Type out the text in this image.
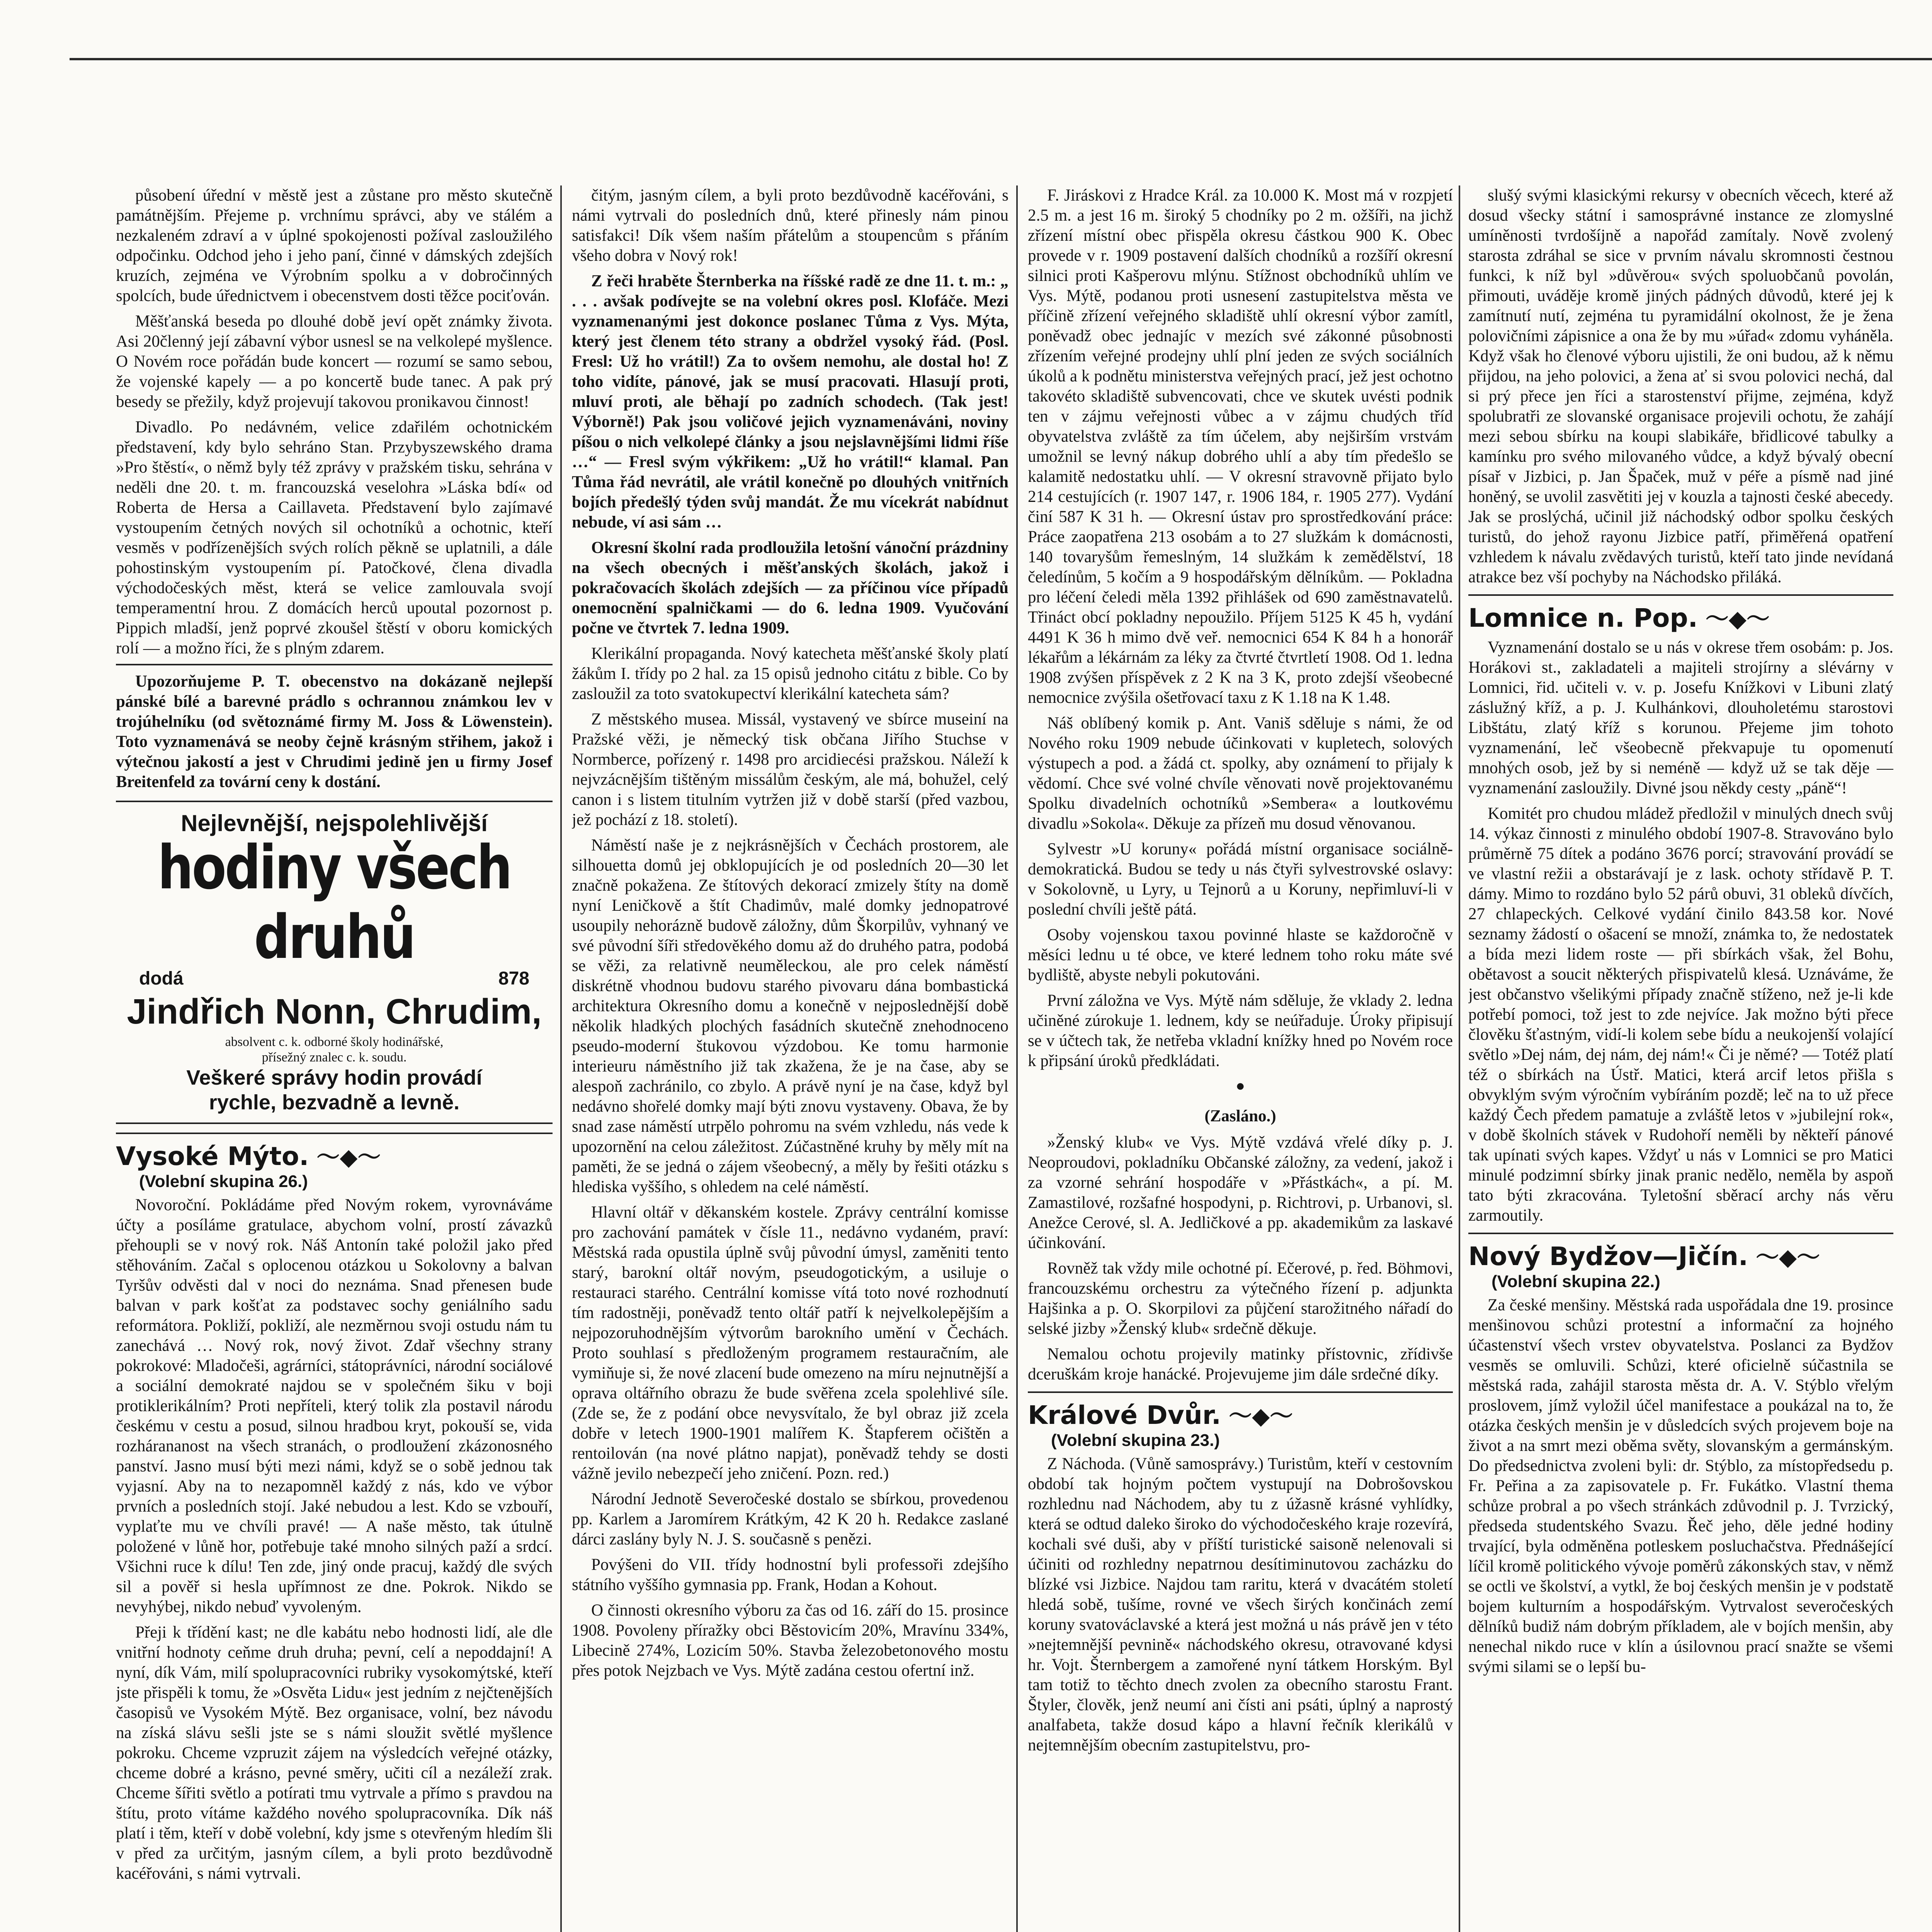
působení úřední v městě jest a zůstane pro město skutečně památnějším. Přejeme p. vrchnímu správci, aby ve stálém a nezkaleném zdraví a v úplné spokojenosti požíval zasloužilého odpočinku. Odchod jeho i jeho paní, činné v dámských zdejších kruzích, zejména ve Výrobním spolku a v dobročinných spolcích, bude úřednictvem i obecenstvem dosti těžce pociťován.

Měšťanská beseda po dlouhé době jeví opět známky života. Asi 20členný její zábavní výbor usnesl se na velkolepé myšlence. O Novém roce pořádán bude koncert — rozumí se samo sebou, že vojenské kapely — a po koncertě bude tanec. A pak prý besedy se přežily, když projevují takovou pronikavou činnost!

Divadlo. Po nedávném, velice zdařilém ochotnickém představení, kdy bylo sehráno Stan. Przybyszewského drama »Pro štěstí«, o němž byly též zprávy v pražském tisku, sehrána v neděli dne 20. t. m. francouzská veselohra »Láska bdí« od Roberta de Hersa a Caillaveta. Představení bylo zajímavé vystoupením četných nových sil ochotníků a ochotnic, kteří vesměs v podřízenějších svých rolích pěkně se uplatnili, a dále pohostinským vystoupením pí. Patočkové, člena divadla východočeských měst, která se velice zamlouvala svojí temperamentní hrou. Z domácích herců upoutal pozornost p. Pippich mladší, jenž poprvé zkoušel štěstí v oboru komických rolí — a možno říci, že s plným zdarem.

Upozorňujeme P. T. obecenstvo na dokázaně nejlepší pánské bílé a barevné prádlo s ochrannou známkou lev v trojúhelníku (od světoznámé firmy M. Joss & Löwenstein). Toto vyznamenává se neoby čejně krásným střihem, jakož i výtečnou jakostí a jest v Chrudimi jedině jen u firmy Josef Breitenfeld za tovární ceny k dostání.

Nejlevnější, nejspolehlivější
hodiny všech druhů
dodá	878
Jindřich Nonn, Chrudim,
absolvent c. k. odborné školy hodinářské,
přísežný znalec c. k. soudu.
Veškeré správy hodin provádí
rychle, bezvadně a levně.
Vysoké Mýto. 〜◆〜
(Volební skupina 26.)

Novoroční. Pokládáme před Novým rokem, vyrovnáváme účty a posíláme gratulace, abychom volní, prostí závazků přehoupli se v nový rok. Náš Antonín také položil jako před stěhováním. Začal s oplocenou otázkou u Sokolovny a balvan Tyršův odvěsti dal v noci do neznáma. Snad přenesen bude balvan v park košťat za podstavec sochy geniálního sadu reformátora. Pokliží, pokliží, ale nezměrnou svoji ostudu nám tu zanechává … Nový rok, nový život. Zdař všechny strany pokrokové: Mladočeši, agrárníci, státoprávníci, národní sociálové a sociální demokraté najdou se v společném šiku v boji protiklerikálním? Proti nepříteli, který tolik zla postavil národu českému v cestu a posud, silnou hradbou kryt, pokouší se, vida rozhárananost na všech stranách, o prodloužení zkázonosného panství. Jasno musí býti mezi námi, když se o sobě jednou tak vyjasní. Aby na to nezapomněl každý z nás, kdo ve výbor prvních a posledních stojí. Jaké nebudou a lest. Kdo se vzbouří, vyplaťte mu ve chvíli pravé! — A naše město, tak útulně položené v lůně hor, potřebuje také mnoho silných paží a srdcí. Všichni ruce k dílu! Ten zde, jiný onde pracuj, každý dle svých sil a pověř si hesla upřímnost ze dne. Pokrok. Nikdo se nevyhýbej, nikdo nebuď vyvoleným.

Přeji k třídění kast; ne dle kabátu nebo hodnosti lidí, ale dle vnitřní hodnoty ceňme druh druha; pevní, celí a nepoddajní! A nyní, dík Vám, milí spolupracovníci rubriky vysokomýtské, kteří jste přispěli k tomu, že »Osvěta Lidu« jest jedním z nejčtenějších časopisů ve Vysokém Mýtě. Bez organisace, volní, bez návodu na získá slávu sešli jste se s námi sloužit světlé myšlence pokroku. Chceme vzpruzit zájem na výsledcích veřejné otázky, chceme dobré a krásno, pevné směry, učiti cíl a nezáleží zrak. Chceme šířiti světlo a potírati tmu vytrvale a přímo s pravdou na štítu, proto vítáme každého nového spolupracovníka. Dík náš platí i těm, kteří v době volební, kdy jsme s otevřeným hledím šli v před za určitým, jasným cílem, a byli proto bezdůvodně kacéřováni, s námi vytrvali.

čitým, jasným cílem, a byli proto bezdůvodně kacéřováni, s námi vytrvali do posledních dnů, které přinesly nám pinou satisfakci! Dík všem naším přátelům a stoupencům s přáním všeho dobra v Nový rok!

Z řeči hraběte Šternberka na říšské radě ze dne 11. t. m.: „ . . . avšak podívejte se na volební okres posl. Klofáče. Mezi vyznamenanými jest dokonce poslanec Tůma z Vys. Mýta, který jest členem této strany a obdržel vysoký řád. (Posl. Fresl: Už ho vrátil!) Za to ovšem nemohu, ale dostal ho! Z toho vidíte, pánové, jak se musí pracovati. Hlasují proti, mluví proti, ale běhají po zadních schodech. (Tak jest! Výborně!) Pak jsou voličové jejich vyznamenáváni, noviny píšou o nich velkolepé články a jsou nejslavnějšími lidmi říše …“ — Fresl svým výkřikem: „Už ho vrátil!“ klamal. Pan Tůma řád nevrátil, ale vrátil konečně po dlouhých vnitřních bojích předešlý týden svůj mandát. Že mu vícekrát nabídnut nebude, ví asi sám …

Okresní školní rada prodloužila letošní vánoční prázdniny na všech obecných i měšťanských školách, jakož i pokračovacích školách zdejších — za příčinou více případů onemocnění spalničkami — do 6. ledna 1909. Vyučování počne ve čtvrtek 7. ledna 1909.

Klerikální propaganda. Nový katecheta měšťanské školy platí žákům I. třídy po 2 hal. za 15 opisů jednoho citátu z bible. Co by zasloužil za toto svatokupectví klerikální katecheta sám?

Z městského musea. Missál, vystavený ve sbírce museiní na Pražské věži, je německý tisk občana Jiřího Stuchse v Normberce, pořízený r. 1498 pro arcidiecési pražskou. Náleží k nejvzácnějším tištěným missálům českým, ale má, bohužel, celý canon i s listem titulním vytržen již v době starší (před vazbou, jež pochází z 18. století).

Náměstí naše je z nejkrásnějších v Čechách prostorem, ale silhouetta domů jej obklopujících je od posledních 20—30 let značně pokažena. Ze štítových dekorací zmizely štíty na domě nyní Leničkově a štít Chadimův, malé domky jednopatrové usoupily nehorázně budově záložny, dům Škorpilův, vyhnaný ve své původní šíři středověkého domu až do druhého patra, podobá se věži, za relativně neuměleckou, ale pro celek náměstí diskrétně vhodnou budovu starého pivovaru dána bombastická architektura Okresního domu a konečně v nejposlednější době několik hladkých plochých fasádních skutečně znehodnoceno pseudo-moderní štukovou výzdobou. Ke tomu harmonie interieuru náměstního již tak zkažena, že je na čase, aby se alespoň zachránilo, co zbylo. A právě nyní je na čase, když byl nedávno shořelé domky mají býti znovu vystaveny. Obava, že by snad zase náměstí utrpělo pohromu na svém vzhledu, nás vede k upozornění na celou záležitost. Zúčastněné kruhy by měly mít na paměti, že se jedná o zájem všeobecný, a měly by řešiti otázku s hlediska vyššího, s ohledem na celé náměstí.

Hlavní oltář v děkanském kostele. Zprávy centrální komisse pro zachování památek v čísle 11., nedávno vydaném, praví: Městská rada opustila úplně svůj původní úmysl, zaměniti tento starý, barokní oltář novým, pseudogotickým, a usiluje o restauraci starého. Centrální komisse vítá toto nové rozhodnutí tím radostněji, poněvadž tento oltář patří k nejvelkolepějším a nejpozoruhodnějším výtvorům barokního umění v Čechách. Proto souhlasí s předloženým programem restauračním, ale vymiňuje si, že nové zlacení bude omezeno na míru nejnutnější a oprava oltářního obrazu že bude svěřena zcela spolehlivé síle. (Zde se, že z podání obce nevysvítalo, že byl obraz již zcela dobře v letech 1900-1901 malířem K. Štapferem očištěn a rentoilován (na nové plátno napjat), poněvadž tehdy se dosti vážně jevilo nebezpečí jeho zničení. Pozn. red.)

Národní Jednotě Severočeské dostalo se sbírkou, provedenou pp. Karlem a Jaromírem Krátkým, 42 K 20 h. Redakce zaslané dárci zaslány byly N. J. S. současně s penězi.

Povýšeni do VII. třídy hodnostní byli professoři zdejšího státního vyššího gymnasia pp. Frank, Hodan a Kohout.

O činnosti okresního výboru za čas od 16. září do 15. prosince 1908. Povoleny příražky obci Běstovicím 20%, Mravínu 334%, Libecině 274%, Lozicím 50%. Stavba železobetonového mostu přes potok Nejzbach ve Vys. Mýtě zadána cestou ofertní inž.

F. Jiráskovi z Hradce Král. za 10.000 K. Most má v rozpjetí 2.5 m. a jest 16 m. široký 5 chodníky po 2 m. ožšíři, na jichž zřízení místní obec přispěla okresu částkou 900 K. Obec provede v r. 1909 postavení dalších chodníků a rozšíří okresní silnici proti Kašperovu mlýnu. Stížnost obchodníků uhlím ve Vys. Mýtě, podanou proti usnesení zastupitelstva města ve příčině zřízení veřejného skladiště uhlí okresní výbor zamítl, poněvadž obec jednajíc v mezích své zákonné působnosti zřízením veřejné prodejny uhlí plní jeden ze svých sociálních úkolů a k podnětu ministerstva veřejných prací, jež jest ochotno takovéto skladiště subvencovati, chce ve skutek uvésti podnik ten v zájmu veřejnosti vůbec a v zájmu chudých tříd obyvatelstva zvláště za tím účelem, aby nejširším vrstvám umožnil se levný nákup dobrého uhlí a aby tím předešlo se kalamitě nedostatku uhlí. — V okresní stravovně přijato bylo 214 cestujících (r. 1907 147, r. 1906 184, r. 1905 277). Vydání činí 587 K 31 h. — Okresní ústav pro sprostředkování práce: Práce zaopatřena 213 osobám a to 27 služkám k domácnosti, 140 tovaryšům řemeslným, 14 služkám k zemědělství, 18 čeledínům, 5 kočím a 9 hospodářským dělníkům. — Pokladna pro léčení čeledi měla 1392 přihlášek od 690 zaměstnavatelů. Třináct obcí pokladny nepoužilo. Příjem 5125 K 45 h, vydání 4491 K 36 h mimo dvě veř. nemocnici 654 K 84 h a honorář lékařům a lékárnám za léky za čtvrté čtvrtletí 1908. Od 1. ledna 1908 zvýšen příspěvek z 2 K na 3 K, proto zdejší všeobecné nemocnice zvýšila ošetřovací taxu z K 1.18 na K 1.48.

Náš oblíbený komik p. Ant. Vaniš sděluje s námi, že od Nového roku 1909 nebude účinkovati v kupletech, solových výstupech a pod. a žádá ct. spolky, aby oznámení to přijaly k vědomí. Chce své volné chvíle věnovati nově projektovanému Spolku divadelních ochotníků »Sembera« a loutkovému divadlu »Sokola«. Děkuje za přízeň mu dosud věnovanou.

Sylvestr »U koruny« pořádá místní organisace sociálně-demokratická. Budou se tedy u nás čtyři sylvestrovské oslavy: v Sokolovně, u Lyry, u Tejnorů a u Koruny, nepřimluví-li v poslední chvíli ještě pátá.

Osoby vojenskou taxou povinné hlaste se každoročně v měsíci lednu u té obce, ve které lednem toho roku máte své bydliště, abyste nebyli pokutováni.

První záložna ve Vys. Mýtě nám sděluje, že vklady 2. ledna učiněné zúrokuje 1. lednem, kdy se neúřaduje. Úroky připisují se v účtech tak, že netřeba vkladní knížky hned po Novém roce k připsání úroků předkládati.

●

(Zasláno.)

»Ženský klub« ve Vys. Mýtě vzdává vřelé díky p. J. Neoproudovi, pokladníku Občanské záložny, za vedení, jakož i za vzorné sehrání hospodáře v »Přástkách«, a pí. M. Zamastilové, rozšafné hospodyni, p. Richtrovi, p. Urbanovi, sl. Anežce Cerové, sl. A. Jedličkové a pp. akademikům za laskavé účinkování.

Rovněž tak vždy mile ochotné pí. Ečerové, p. řed. Böhmovi, francouzskému orchestru za výtečného řízení p. adjunkta Hajšinka a p. O. Skorpilovi za půjčení starožitného nářadí do selské jizby »Ženský klub« srdečně děkuje.

Nemalou ochotu projevily matinky přístovnic, zřídivše dceruškám kroje hanácké. Projevujeme jim dále srdečné díky.

Králové Dvůr. 〜◆〜
(Volební skupina 23.)

Z Náchoda. (Vůně samosprávy.) Turistům, kteří v cestovním období tak hojným počtem vystupují na Dobrošovskou rozhlednu nad Náchodem, aby tu z úžasně krásné vyhlídky, která se odtud daleko široko do východočeského kraje rozevírá, kochali své duši, aby v příští turistické saisoně nelenovali si účiniti od rozhledny nepatrnou desítiminutovou zacházku do blízké vsi Jizbice. Najdou tam raritu, která v dvacátém století hledá sobě, tušíme, rovné ve všech širých končinách zemí koruny svatováclavské a která jest možná u nás právě jen v této »nejtemnější pevnině« náchodského okresu, otravované kdysi hr. Vojt. Šternbergem a zamořené nyní tátkem Horským. Byl tam totiž to těchto dnech zvolen za obecního starostu Frant. Štyler, člověk, jenž neumí ani čísti ani psáti, úplný a naprostý analfabeta, takže dosud kápo a hlavní řečník klerikálů v nejtemnějším obecním zastupitelstvu, pro-

slušý svými klasickými rekursy v obecních věcech, které až dosud všecky státní i samosprávné instance ze zlomyslné umíněnosti tvrdošíjně a napořád zamítaly. Nově zvolený starosta zdráhal se sice v prvním návalu skromnosti čestnou funkci, k níž byl »důvěrou« svých spoluobčanů povolán, přimouti, uváděje kromě jiných pádných důvodů, které jej k zamítnutí nutí, zejména tu pyramidální okolnost, že je žena polovičními zápisnice a ona že by mu »úřad« zdomu vyháněla. Když však ho členové výboru ujistili, že oni budou, až k němu přijdou, na jeho polovici, a žena ať si svou polovici nechá, dal si prý přece jen říci a starostenství přijme, zejména, když spolubratři ze slovanské organisace projevili ochotu, že zahájí mezi sebou sbírku na koupi slabikáře, břidlicové tabulky a kamínku pro svého milovaného vůdce, a když bývalý obecní písař v Jizbici, p. Jan Špaček, muž v péře a písmě nad jiné honěný, se uvolil zasvětiti jej v kouzla a tajnosti české abecedy. Jak se proslýchá, učinil již náchodský odbor spolku českých turistů, do jehož rayonu Jizbice patří, přiměřená opatření vzhledem k návalu zvědavých turistů, kteří tato jinde nevídaná atrakce bez vší pochyby na Náchodsko přiláká.

Lomnice n. Pop. 〜◆〜

Vyznamenání dostalo se u nás v okrese třem osobám: p. Jos. Horákovi st., zakladateli a majiteli strojírny a slévárny v Lomnici, řid. učiteli v. v. p. Josefu Knížkovi v Libuni zlatý záslužný kříž, a p. J. Kulhánkovi, dlouholetému starostovi Libštátu, zlatý kříž s korunou. Přejeme jim tohoto vyznamenání, leč všeobecně překvapuje tu opomenutí mnohých osob, jež by si neméně — když už se tak děje — vyznamenání zasloužily. Divné jsou někdy cesty „páně“!

Komitét pro chudou mládež předložil v minulých dnech svůj 14. výkaz činnosti z minulého období 1907-8. Stravováno bylo průměrně 75 dítek a podáno 3676 porcí; stravování provádí se ve vlastní režii a obstarávají je z lask. ochoty střídavě P. T. dámy. Mimo to rozdáno bylo 52 párů obuvi, 31 obleků dívčích, 27 chlapeckých. Celkové vydání činilo 843.58 kor. Nové seznamy žádostí o ošacení se množí, známka to, že nedostatek a bída mezi lidem roste — při sbírkách však, žel Bohu, obětavost a soucit některých přispivatelů klesá. Uznáváme, že jest občanstvo všelikými případy značně stíženo, než je-li kde potřebí pomoci, tož jest to zde nejvíce. Jak možno býti přece člověku šťastným, vidí-li kolem sebe bídu a neukojenší volající světlo »Dej nám, dej nám, dej nám!« Či je němé? — Totéž platí též o sbírkách na Ústř. Matici, která arcif letos přišla s obvyklým svým výročním vybíráním pozdě; leč na to už přece každý Čech předem pamatuje a zvláště letos v »jubilejní rok«, v době školních stávek v Rudohoří neměli by někteří pánové tak upínati svých kapes. Vždyť u nás v Lomnici se pro Matici minulé podzimní sbírky jinak pranic nedělo, neměla by aspoň tato býti zkracována. Tyletošní sběrací archy nás věru zarmoutily.

Nový Bydžov—Jičín. 〜◆〜
(Volební skupina 22.)

Za české menšiny. Městská rada uspořádala dne 19. prosince menšinovou schůzi protestní a informační za hojného účastenství všech vrstev obyvatelstva. Poslanci za Bydžov vesměs se omluvili. Schůzi, které oficielně súčastnila se městská rada, zahájil starosta města dr. A. V. Stýblo vřelým proslovem, jímž vyložil účel manifestace a poukázal na to, že otázka českých menšin je v důsledcích svých projevem boje na život a na smrt mezi oběma světy, slovanským a germánským. Do předsednictva zvoleni byli: dr. Stýblo, za místopředsedu p. Fr. Peřina a za zapisovatele p. Fr. Fukátko. Vlastní thema schůze probral a po všech stránkách zdůvodnil p. J. Tvrzický, předseda studentského Svazu. Řeč jeho, děle jedné hodiny trvající, byla odměněna potleskem posluchačstva. Přednášející líčil kromě politického vývoje poměrů zákonských stav, v němž se octli ve školství, a vytkl, že boj českých menšin je v podstatě bojem kulturním a hospodářským. Vytrvalost severočeských dělníků budiž nám dobrým příkladem, ale v bojích menšin, aby nenechal nikdo ruce v klín a úsilovnou prací snažte se všemi svými silami se o lepší bu-
